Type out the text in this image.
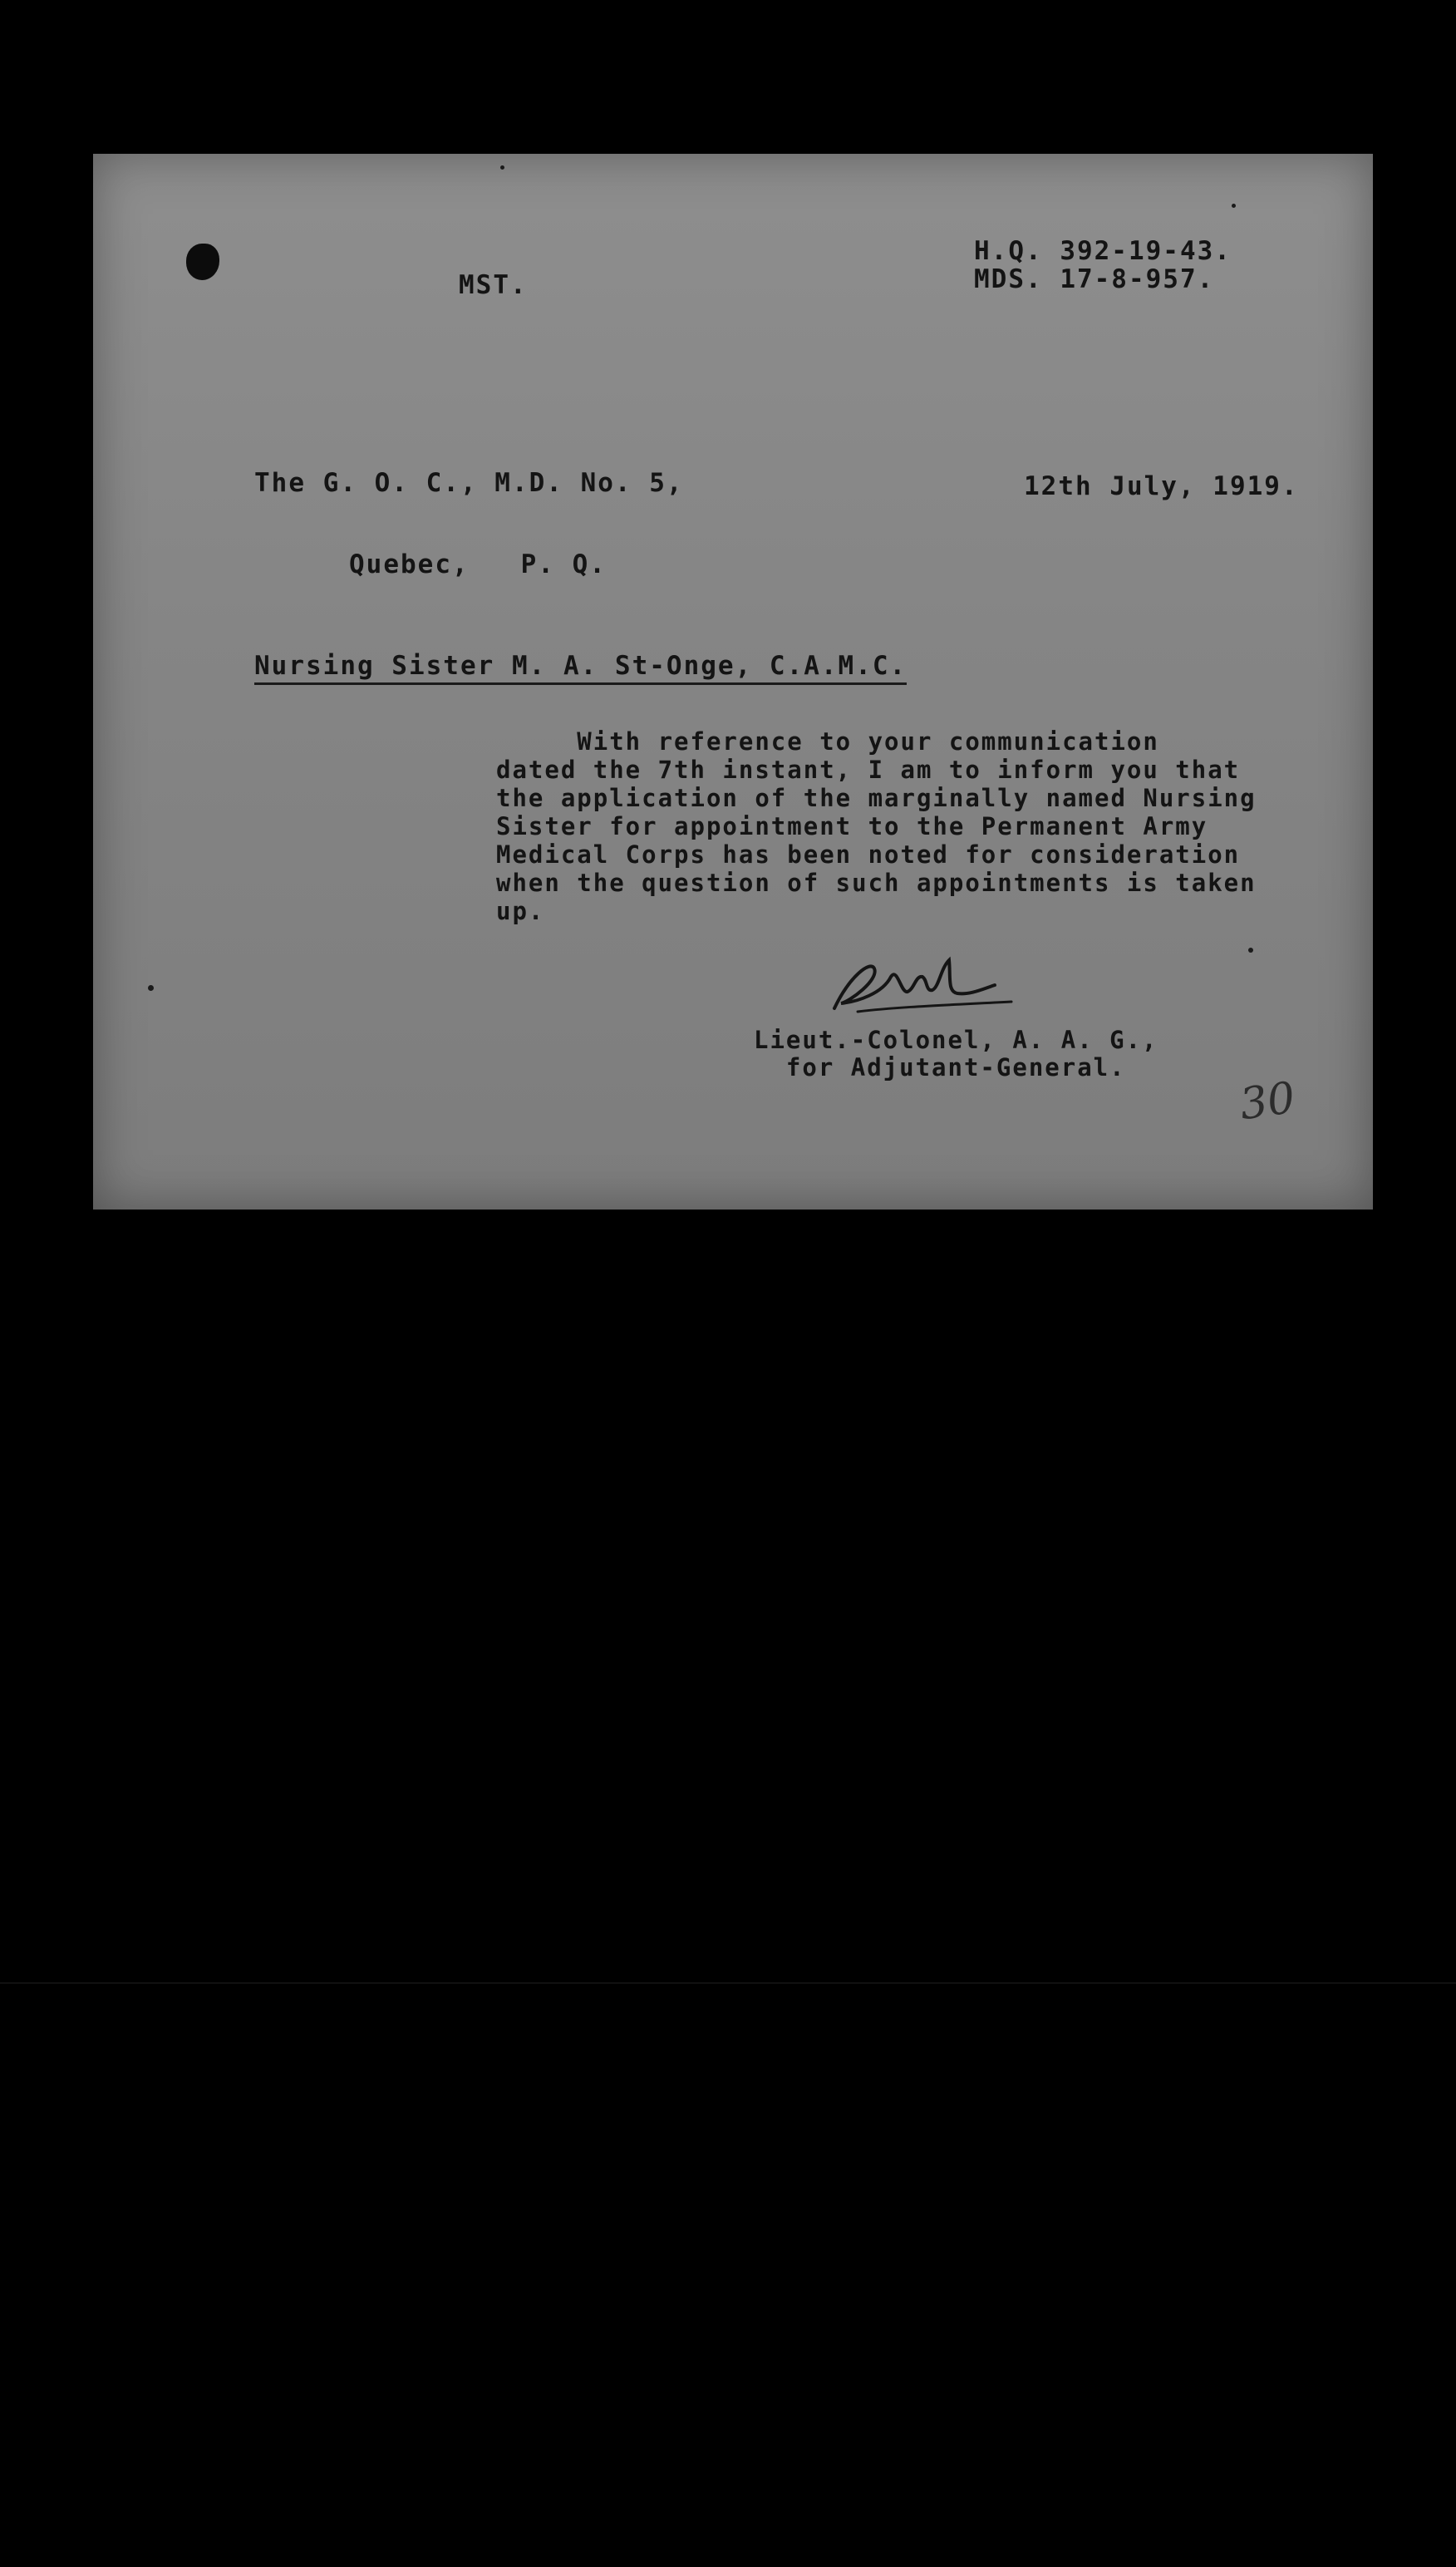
H.Q. 392-19-43.
MDS. 17-8-957.
MST.
The G. O. C., M.D. No. 5,	12th July, 1919.
Quebec,   P. Q.
Nursing Sister M. A. St-Onge, C.A.M.C.
With reference to your communication
dated the 7th instant, I am to inform you that
the application of the marginally named Nursing
Sister for appointment to the Permanent Army
Medical Corps has been noted for consideration
when the question of such appointments is taken
up.
Lieut.-Colonel, A. A. G.,
for Adjutant-General.
30
